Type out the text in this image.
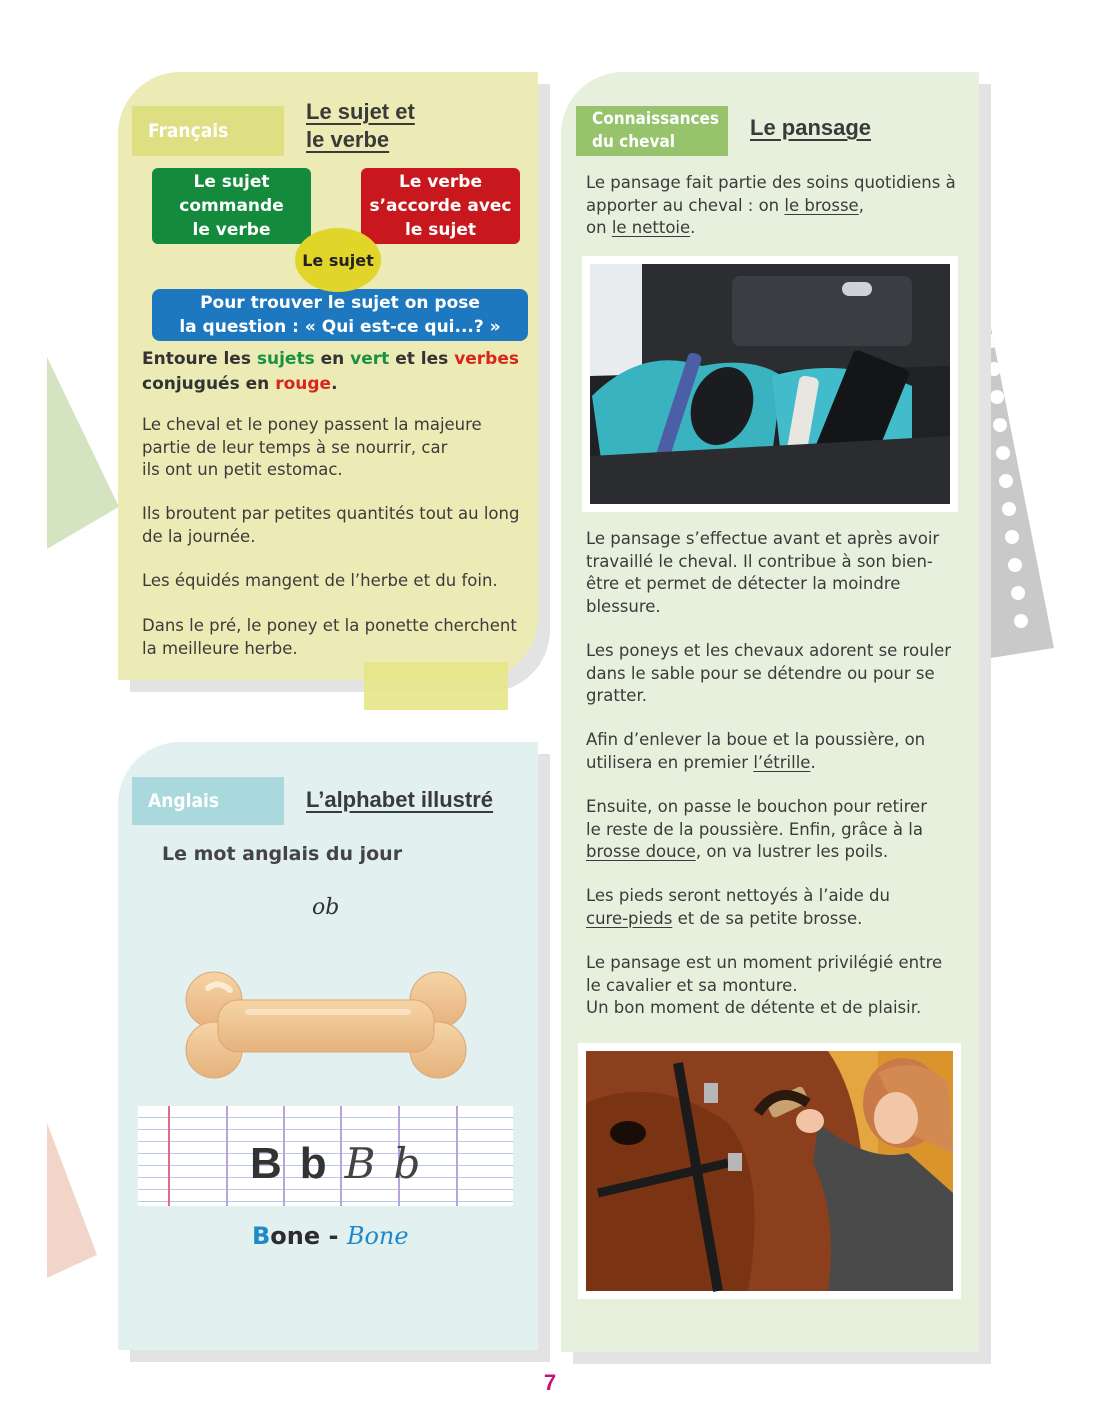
Français
Le sujet et
le verbe
Le sujet
commande
le verbe
Le verbe
s’accorde avec
le sujet
Pour trouver le sujet on pose
la question : « Qui est-ce qui...? »
Le sujet
Entoure les sujets en vert et les verbes
conjugués en rouge.
Le cheval et le poney passent la majeure
partie de leur temps à se nourrir, car
ils ont un petit estomac.
Ils broutent par petites quantités tout au long
de la journée.
Les équidés mangent de l’herbe et du foin.
Dans le pré, le poney et la ponette cherchent
la meilleure herbe.
Anglais	L’alphabet illustré
Le mot anglais du jour
ob
B b B b
Bone - Bone
Connaissances
du cheval
Le pansage
Le pansage fait partie des soins quotidiens à
apporter au cheval : on le brosse,
on le nettoie.
Le pansage s’effectue avant et après avoir
travaillé le cheval. Il contribue à son bien-
être et permet de détecter la moindre
blessure.
Les poneys et les chevaux adorent se rouler
dans le sable pour se détendre ou pour se
gratter.
Afin d’enlever la boue et la poussière, on
utilisera en premier l’étrille.
Ensuite, on passe le bouchon pour retirer
le reste de la poussière. Enfin, grâce à la
brosse douce, on va lustrer les poils.
Les pieds seront nettoyés à l’aide du
cure-pieds et de sa petite brosse.
Le pansage est un moment privilégié entre
le cavalier et sa monture.
Un bon moment de détente et de plaisir.
7
